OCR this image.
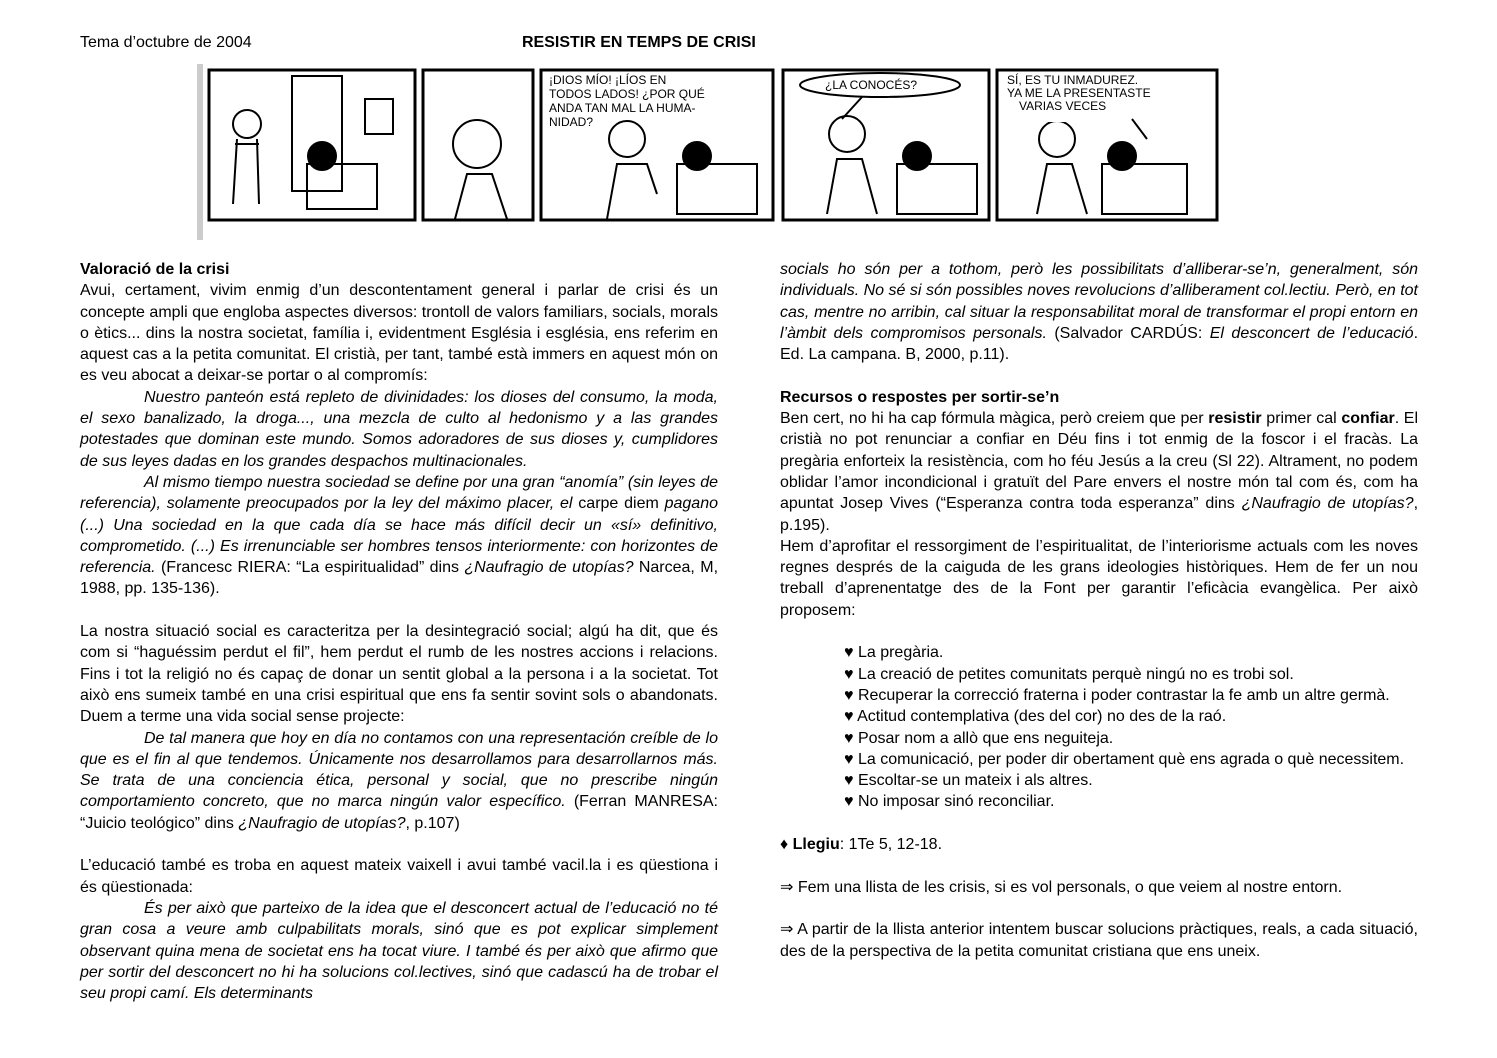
Tema d’octubre de 2004	RESISTIR EN TEMPS DE CRISI
¡DIOS MÍO! ¡LÍOS EN
TODOS LADOS! ¿POR QUÉ
ANDA TAN MAL LA HUMA-
NIDAD?
¿LA CONOCÉS?	SÍ, ES TU INMADUREZ.
YA ME LA PRESENTASTE
VARIAS VECES

Valoració de la crisi

Avui, certament, vivim enmig d’un descontentament general i parlar de crisi és un concepte ampli que engloba aspectes diversos: trontoll de valors familiars, socials, morals o ètics... dins la nostra societat, família i, evidentment Església i església, ens referim en aquest cas a la petita comunitat. El cristià, per tant, també està immers en aquest món on es veu abocat a deixar-se portar o al compromís:

Nuestro panteón está repleto de divinidades: los dioses del consumo, la moda, el sexo banalizado, la droga..., una mezcla de culto al hedonismo y a las grandes potestades que dominan este mundo. Somos adoradores de sus dioses y, cumplidores de sus leyes dadas en los grandes despachos multinacionales.

Al mismo tiempo nuestra sociedad se define por una gran “anomía” (sin leyes de referencia), solamente preocupados por la ley del máximo placer, el carpe diem pagano (...) Una sociedad en la que cada día se hace más difícil decir un «sí» definitivo, comprometido. (...) Es irrenunciable ser hombres tensos interiormente: con horizontes de referencia. (Francesc RIERA: “La espiritualidad” dins ¿Naufragio de utopías? Narcea, M, 1988, pp. 135-136).

La nostra situació social es caracteritza per la desintegració social; algú ha dit, que és com si “haguéssim perdut el fil”, hem perdut el rumb de les nostres accions i relacions. Fins i tot la religió no és capaç de donar un sentit global a la persona i a la societat. Tot això ens sumeix també en una crisi espiritual que ens fa sentir sovint sols o abandonats. Duem a terme una vida social sense projecte:

De tal manera que hoy en día no contamos con una representación creíble de lo que es el fin al que tendemos. Únicamente nos desarrollamos para desarrollarnos más. Se trata de una conciencia ética, personal y social, que no prescribe ningún comportamiento concreto, que no marca ningún valor específico. (Ferran MANRESA: “Juicio teológico” dins ¿Naufragio de utopías?, p.107)

L’educació també es troba en aquest mateix vaixell i avui també vacil.la i es qüestiona i és qüestionada:

És per això que parteixo de la idea que el desconcert actual de l’educació no té gran cosa a veure amb culpabilitats morals, sinó que es pot explicar simplement observant quina mena de societat ens ha tocat viure. I també és per això que afirmo que per sortir del desconcert no hi ha solucions col.lectives, sinó que cadascú ha de trobar el seu propi camí. Els determinants

socials ho són per a tothom, però les possibilitats d’alliberar-se’n, generalment, són individuals. No sé si són possibles noves revolucions d’alliberament col.lectiu. Però, en tot cas, mentre no arribin, cal situar la responsabilitat moral de transformar el propi entorn en l’àmbit dels compromisos personals. (Salvador CARDÚS: El desconcert de l’educació. Ed. La campana. B, 2000, p.11).

Recursos o respostes per sortir-se’n

Ben cert, no hi ha cap fórmula màgica, però creiem que per resistir primer cal confiar. El cristià no pot renunciar a confiar en Déu fins i tot enmig de la foscor i el fracàs. La pregària enforteix la resistència, com ho féu Jesús a la creu (Sl 22). Altrament, no podem oblidar l’amor incondicional i gratuït del Pare envers el nostre món tal com és, com ha apuntat Josep Vives (“Esperanza contra toda esperanza” dins ¿Naufragio de utopías?, p.195).

Hem d’aprofitar el ressorgiment de l’espiritualitat, de l’interiorisme actuals com les noves regnes després de la caiguda de les grans ideologies històriques. Hem de fer un nou treball d’aprenentatge des de la Font per garantir l’eficàcia evangèlica. Per això proposem:

♥ La pregària.

♥ La creació de petites comunitats perquè ningú no es trobi sol.

♥ Recuperar la correcció fraterna i poder contrastar la fe amb un altre germà.

♥ Actitud contemplativa (des del cor) no des de la raó.

♥ Posar nom a allò que ens neguiteja.

♥ La comunicació, per poder dir obertament què ens agrada o què necessitem.

♥ Escoltar-se un mateix i als altres.

♥ No imposar sinó reconciliar.

♦ Llegiu: 1Te 5, 12-18.

⇒ Fem una llista de les crisis, si es vol personals, o que veiem al nostre entorn.

⇒ A partir de la llista anterior intentem buscar solucions pràctiques, reals, a cada situació, des de la perspectiva de la petita comunitat cristiana que ens uneix.
